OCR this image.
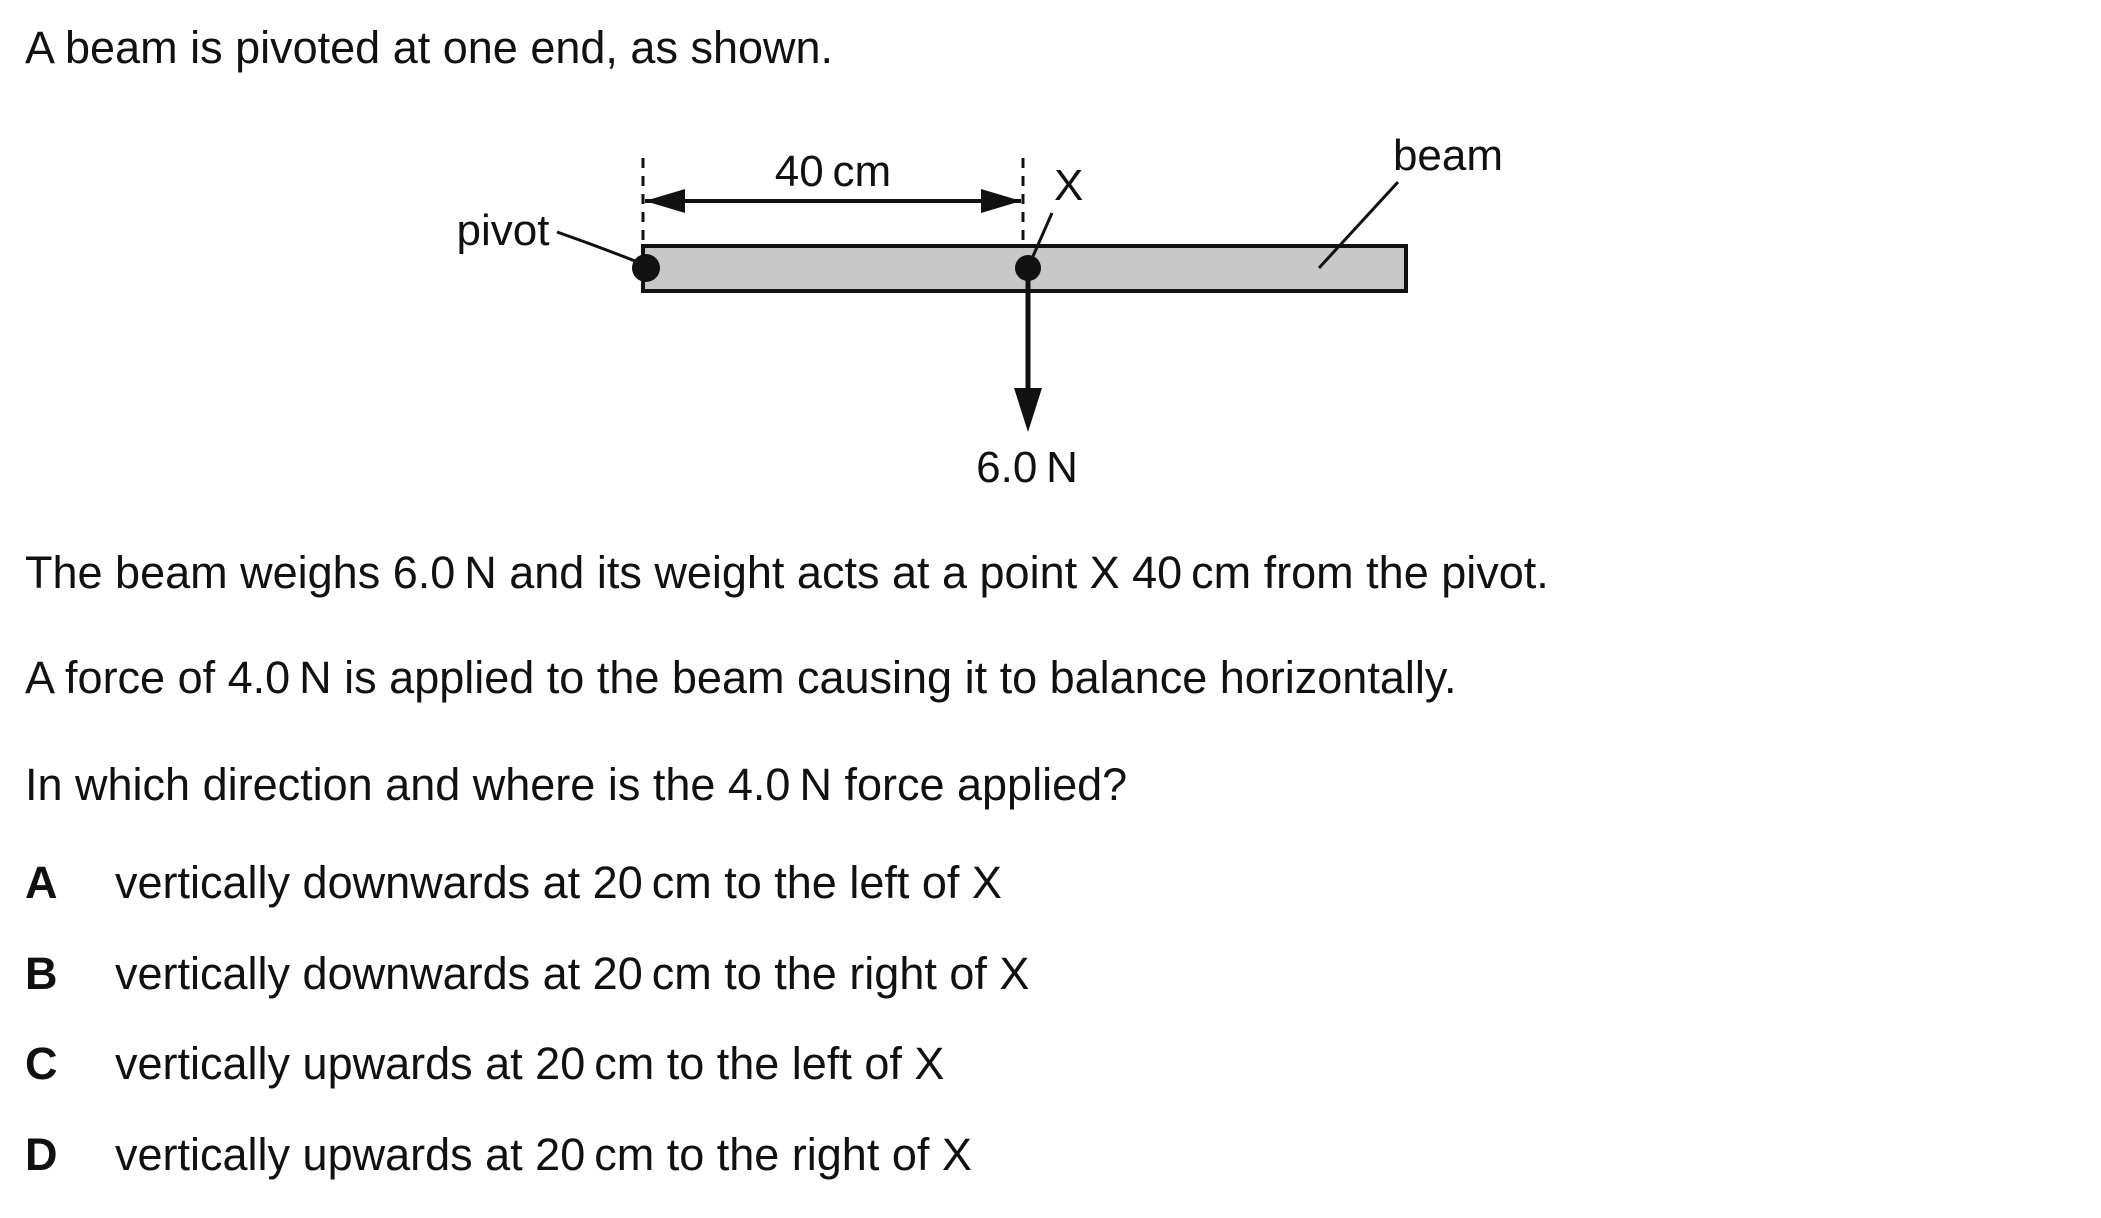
A beam is pivoted at one end, as shown.
40 cm
6.0 N
X
beam
pivot
The beam weighs 6.0 N and its weight acts at a point X 40 cm from the pivot.
A force of 4.0 N is applied to the beam causing it to balance horizontally.
In which direction and where is the 4.0 N force applied?
A vertically downwards at 20 cm to the left of X
B vertically downwards at 20 cm to the right of X
C vertically upwards at 20 cm to the left of X
D vertically upwards at 20 cm to the right of X
